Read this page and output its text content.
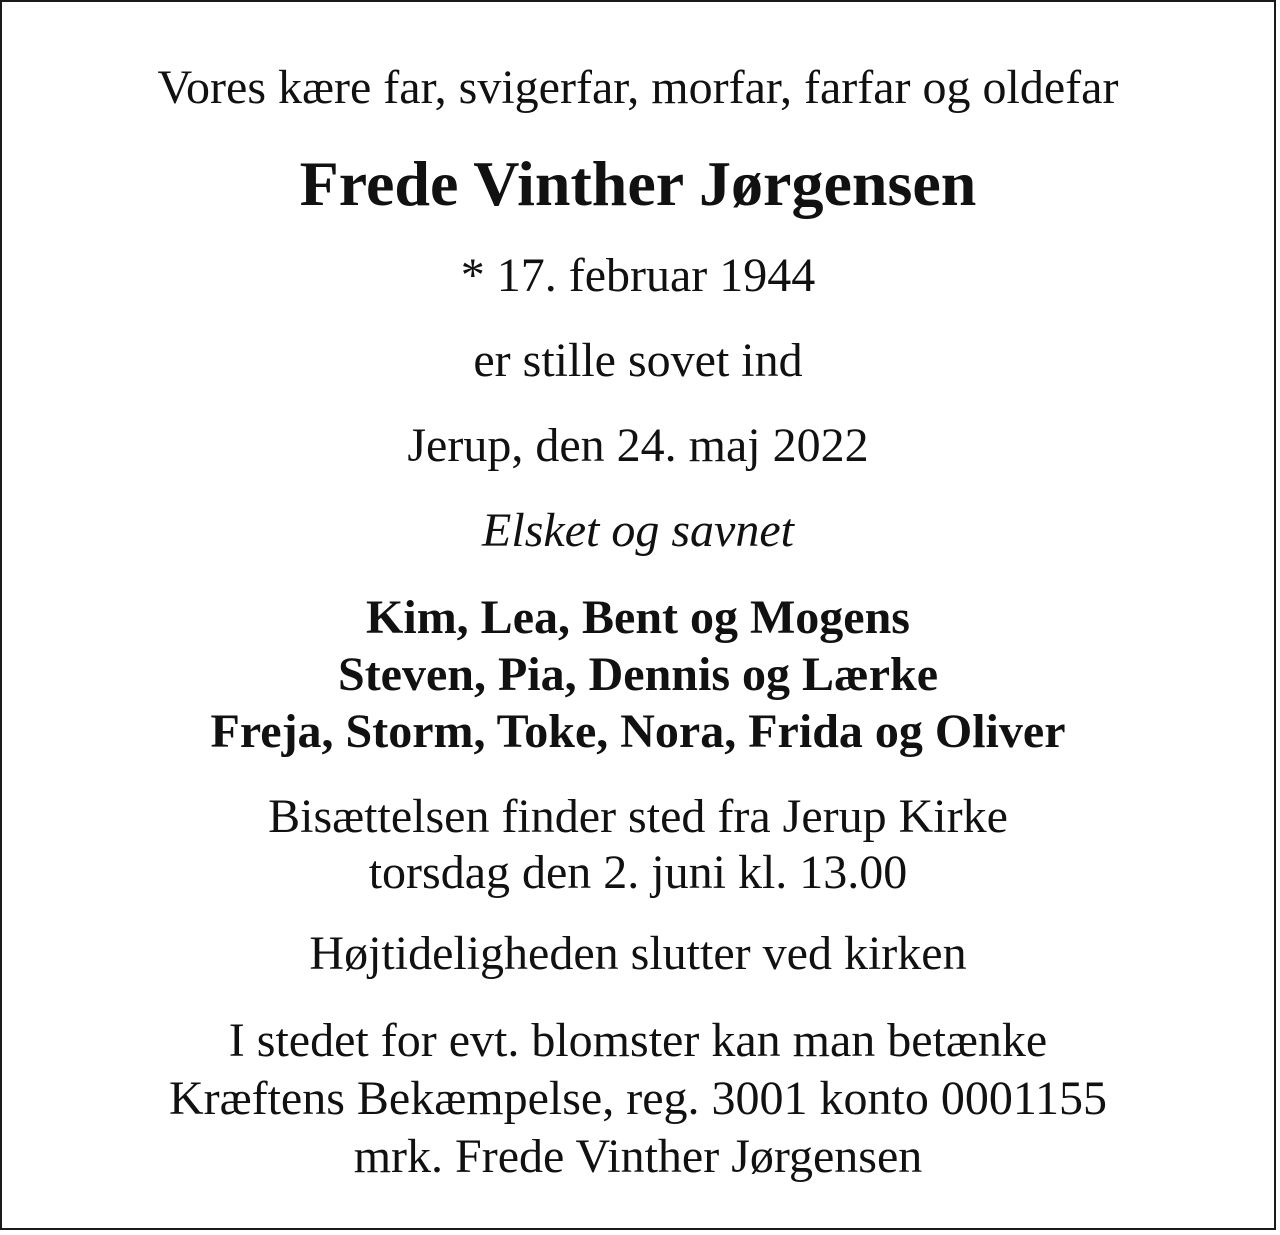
Vores kære far, svigerfar, morfar, farfar og oldefar
Frede Vinther Jørgensen
* 17. februar 1944
er stille sovet ind
Jerup, den 24. maj 2022
Elsket og savnet
Kim, Lea, Bent og Mogens
Steven, Pia, Dennis og Lærke
Freja, Storm, Toke, Nora, Frida og Oliver
Bisættelsen finder sted fra Jerup Kirke
torsdag den 2. juni kl. 13.00
Højtideligheden slutter ved kirken
I stedet for evt. blomster kan man betænke
Kræftens Bekæmpelse, reg. 3001 konto 0001155
mrk. Frede Vinther Jørgensen
